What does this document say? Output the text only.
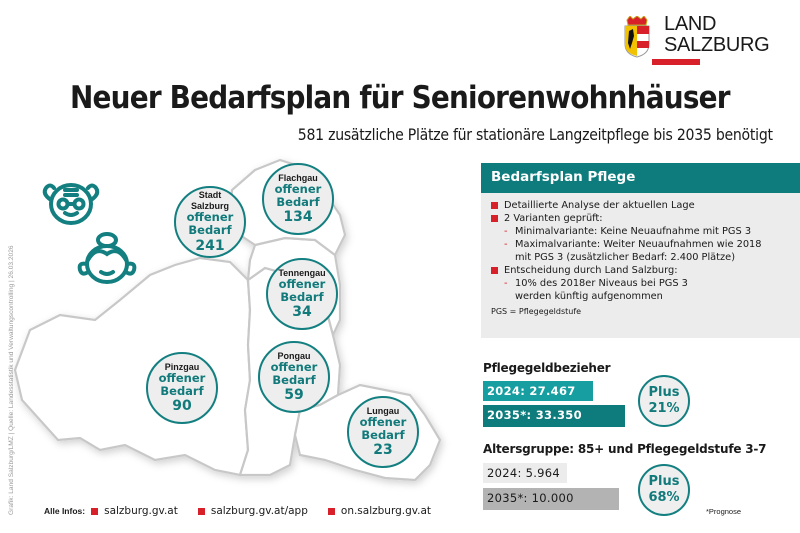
LAND
SALZBURG
Neuer Bedarfsplan für Seniorenwohnhäuser
581 zusätzliche Plätze für stationäre Langzeitpflege bis 2035 benötigt
Grafik: Land Salzburg/LMZ | Quelle: Landesstatistik und Verwaltungscontrolling | 26.03.2026
Stadt
Salzburg
offener
Bedarf
241
Flachgau
offener
Bedarf
134
Tennengau
offener
Bedarf
34
Pinzgau
offener
Bedarf
90
Pongau
offener
Bedarf
59
Lungau
offener
Bedarf
23
Bedarfsplan Pflege
Detaillierte Analyse der aktuellen Lage
2 Varianten geprüft:
- Minimalvariante: Keine Neuaufnahme mit PGS 3
- Maximalvariante: Weiter Neuaufnahmen wie 2018
mit PGS 3 (zusätzlicher Bedarf: 2.400 Plätze)
Entscheidung durch Land Salzburg:
- 10% des 2018er Niveaus bei PGS 3
werden künftig aufgenommen
PGS = Pflegegeldstufe
Pflegegeldbezieher
2024: 27.467
2035*: 33.350
Plus
21%
Altersgruppe: 85+ und Pflegegeldstufe 3-7
2024: 5.964
2035*: 10.000
Plus
68%
*Prognose
Alle Infos: salzburg.gv.at	salzburg.gv.at/app	on.salzburg.gv.at
